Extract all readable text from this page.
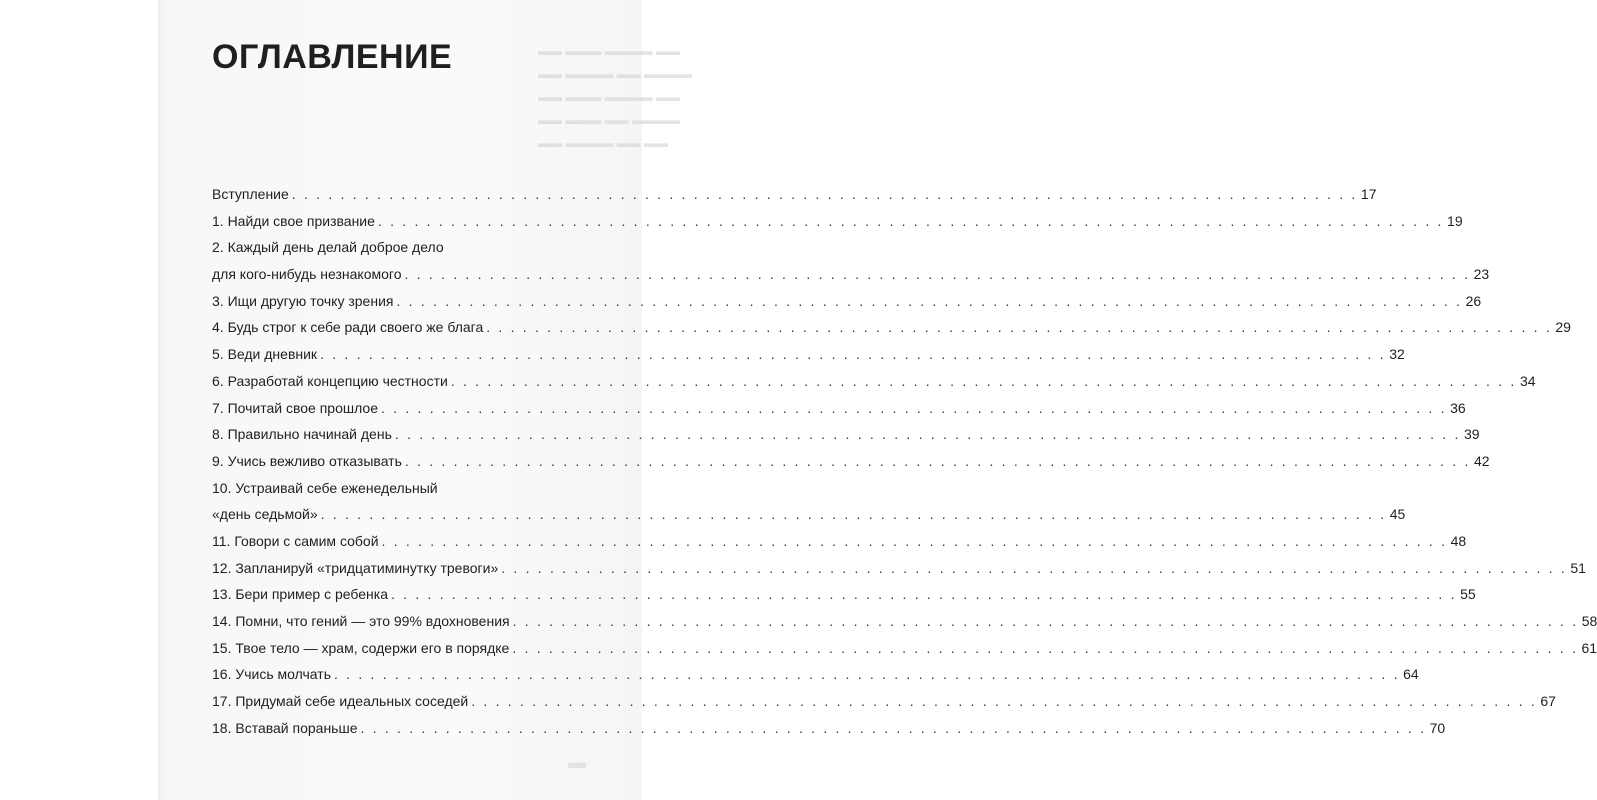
▬▬ ▬▬▬ ▬▬▬▬ ▬▬
▬▬ ▬▬▬▬ ▬▬ ▬▬▬▬
▬▬ ▬▬▬ ▬▬▬▬ ▬▬
▬▬ ▬▬▬ ▬▬ ▬▬▬▬
▬▬ ▬▬▬▬ ▬▬ ▬▬
▬
ОГЛАВЛЕНИЕ
Вступление . . .	17
1. Найди свое призвание . . .	19
2. Каждый день делай доброе дело
для кого-нибудь незнакомого . . .	23
3. Ищи другую точку зрения . . .	26
4. Будь строг к себе ради своего же блага . . .	29
5. Веди дневник . . .	32
6. Разработай концепцию честности . . .	34
7. Почитай свое прошлое . . .	36
8. Правильно начинай день . . .	39
9. Учись вежливо отказывать . . .	42
10. Устраивай себе еженедельный
«день седьмой» . . .	45
11. Говори с самим собой . . .	48
12. Запланируй «тридцатиминутку тревоги» . . .	51
13. Бери пример с ребенка . . .	55
14. Помни, что гений — это 99% вдохновения . . .	58
15. Твое тело — храм, содержи его в порядке . . .	61
16. Учись молчать . . .	64
17. Придумай себе идеальных соседей . . .	67
18. Вставай пораньше . . .	70
